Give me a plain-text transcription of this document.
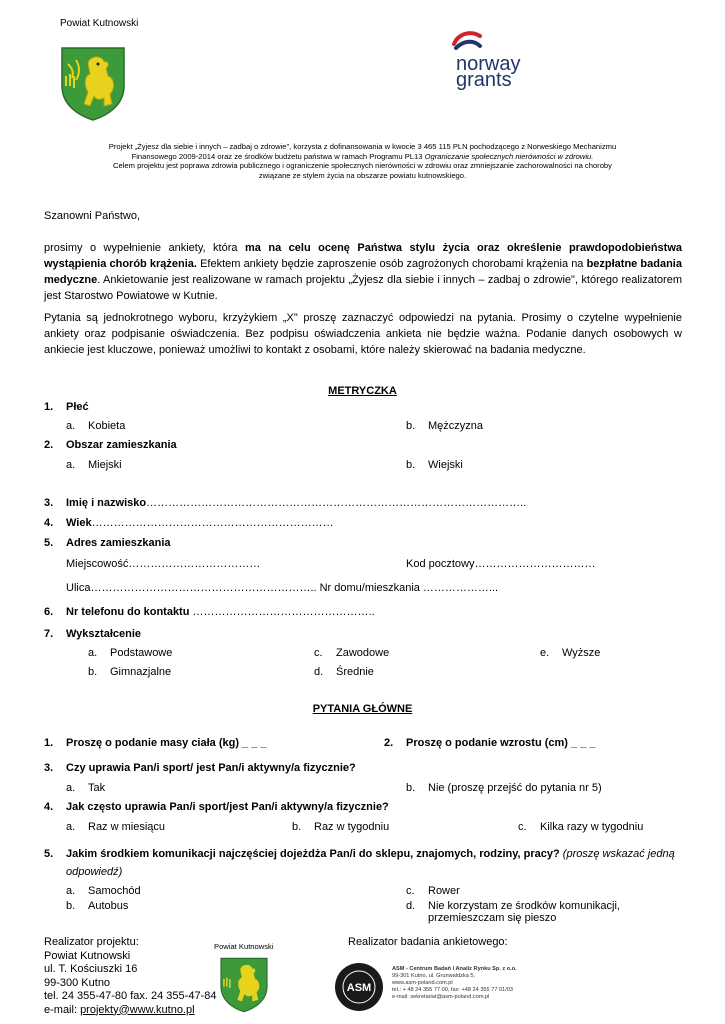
Powiat Kutnowski
norway
grants
Projekt „Żyjesz dla siebie i innych – zadbaj o zdrowie", korzysta z dofinansowania w kwocie 3 465 115 PLN pochodzącego z Norweskiego Mechanizmu
Finansowego 2009-2014 oraz ze środków budżetu państwa w ramach Programu PL13 Ograniczanie społecznych nierówności w zdrowiu.
Celem projektu jest poprawa zdrowia publicznego i ograniczenie społecznych nierówności w zdrowiu oraz zmniejszanie zachorowalności na choroby
związane ze stylem życia na obszarze powiatu kutnowskiego.
Szanowni Państwo,

prosimy o wypełnienie ankiety, która ma na celu ocenę Państwa stylu życia oraz określenie prawdopodobieństwa wystąpienia chorób krążenia. Efektem ankiety będzie zaproszenie osób zagrożonych chorobami krążenia na bezpłatne badania medyczne. Ankietowanie jest realizowane w ramach projektu „Żyjesz dla siebie i innych – zadbaj o zdrowie", którego realizatorem jest Starostwo Powiatowe w Kutnie.

Pytania są jednokrotnego wyboru, krzyżykiem „X" proszę zaznaczyć odpowiedzi na pytania. Prosimy o czytelne wypełnienie ankiety oraz podpisanie oświadczenia. Bez podpisu oświadczenia ankieta nie będzie ważna. Podanie danych osobowych w ankiecie jest kluczowe, ponieważ umożliwi to kontakt z osobami, które należy skierować na badania medyczne.

METRYCZKA
1. Płeć
a. Kobieta	b. Mężczyzna
2. Obszar zamieszkania
a. Miejski	b. Wiejski
3. Imię i nazwisko…………………………………………………………………………………………..
4. Wiek…………………………………………………………
5. Adres zamieszkania
Miejscowość………………………………	Kod pocztowy……………………………
Ulica…………………………………………………….. Nr domu/mieszkania ………………...
6. Nr telefonu do kontaktu …………………………………………..
7. Wykształcenie
a. Podstawowe	c. Zawodowe	e. Wyższe
b. Gimnazjalne	d. Średnie
PYTANIA GŁÓWNE
1. Proszę o podanie masy ciała (kg) _ _ _	2. Proszę o podanie wzrostu (cm) _ _ _
3. Czy uprawia Pan/i sport/ jest Pan/i aktywny/a fizycznie?
a. Tak	b. Nie (proszę przejść do pytania nr 5)
4. Jak często uprawia Pan/i sport/jest Pan/i aktywny/a fizycznie?
a. Raz w miesiącu	b. Raz w tygodniu	c. Kilka razy w tygodniu
5. Jakim środkiem komunikacji najczęściej dojeżdża Pan/i do sklepu, znajomych, rodziny, pracy? (proszę wskazać jedną
odpowiedź)
a. Samochód	c. Rower
b. Autobus	d. Nie korzystam ze środków komunikacji,
przemieszczam się pieszo
Realizator projektu:
Powiat Kutnowski
ul. T. Kościuszki 16
99-300 Kutno
tel. 24 355-47-80 fax. 24 355-47-84
e-mail: projekty@www.kutno.pl
Powiat Kutnowski	Realizator badania ankietowego:
ASM
ASM - Centrum Badań i Analiz Rynku Sp. z o.o.
99-301 Kutno, ul. Grunwaldzka 5,
www.asm-poland.com.pl
tel.: + 48 24 355 77 00, fax: +48 24 355 77 01/03
e-mail: sekretariat@asm-poland.com.pl
